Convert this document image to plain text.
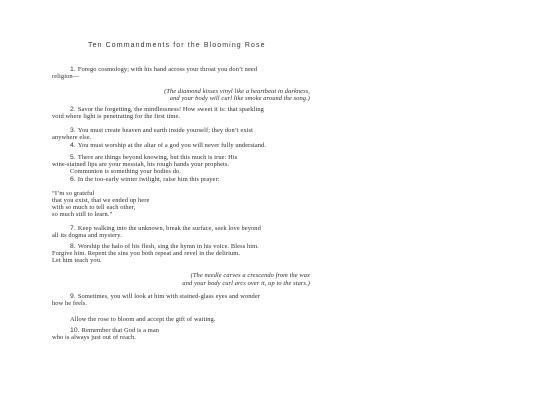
Ten Commandments for the Blooming Rose
1. Forego cosmology; with his hand across your throat you don’t need
religion—
(The diamond kisses vinyl like a heartbeat in darkness,
and your body will curl like smoke around the song.)
2. Savor the forgetting, the mindlessness! How sweet it is: that sparkling
void where light is penetrating for the first time.
3. You must create heaven and earth inside yourself; they don’t exist
anywhere else.
4. You must worship at the altar of a god you will never fully understand.
5. There are things beyond knowing, but this much is true: His
wine-stained lips are your messiah, his rough hands your prophets.
Communion is something your bodies do.
6. In the too-early winter twilight, raise him this prayer:
“I’m so grateful
that you exist, that we ended up here
with so much to tell each other,
so much still to learn.”
7. Keep walking into the unknown, break the surface, seek love beyond
all its dogma and mystery.
8. Worship the halo of his flesh, sing the hymn in his voice. Bless him.
Forgive him. Repent the sins you both repeat and revel in the delirium.
Let him teach you.
(The needle carves a crescendo from the wax
and your body curl arcs over it, up to the stars.)
9. Sometimes, you will look at him with stained-glass eyes and wonder
how he feels.
Allow the rose to bloom and accept the gift of waiting.
10. Remember that God is a man
who is always just out of reach.
